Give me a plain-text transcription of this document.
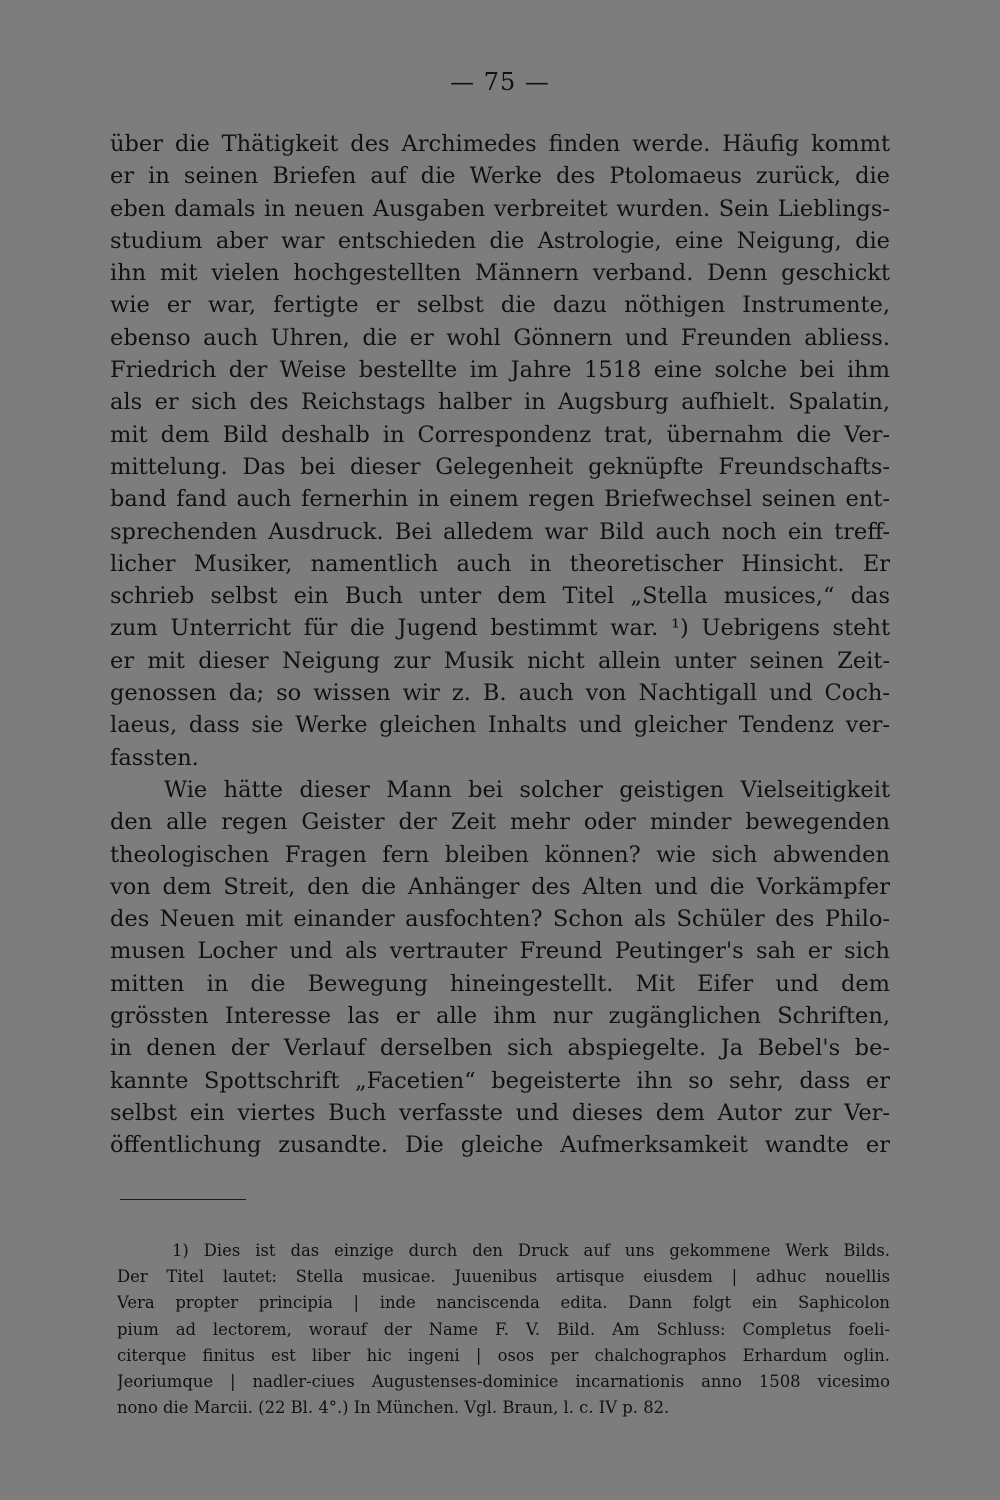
— 75 —
über die Thätigkeit des Archimedes finden werde. Häufig kommt
er in seinen Briefen auf die Werke des Ptolomaeus zurück, die
eben damals in neuen Ausgaben verbreitet wurden. Sein Lieblings-
studium aber war entschieden die Astrologie, eine Neigung, die
ihn mit vielen hochgestellten Männern verband. Denn geschickt
wie er war, fertigte er selbst die dazu nöthigen Instrumente,
ebenso auch Uhren, die er wohl Gönnern und Freunden abliess.
Friedrich der Weise bestellte im Jahre 1518 eine solche bei ihm
als er sich des Reichstags halber in Augsburg aufhielt. Spalatin,
mit dem Bild deshalb in Correspondenz trat, übernahm die Ver-
mittelung. Das bei dieser Gelegenheit geknüpfte Freundschafts-
band fand auch fernerhin in einem regen Briefwechsel seinen ent-
sprechenden Ausdruck. Bei alledem war Bild auch noch ein treff-
licher Musiker, namentlich auch in theoretischer Hinsicht. Er
schrieb selbst ein Buch unter dem Titel „Stella musices,“ das
zum Unterricht für die Jugend bestimmt war. ¹) Uebrigens steht
er mit dieser Neigung zur Musik nicht allein unter seinen Zeit-
genossen da; so wissen wir z. B. auch von Nachtigall und Coch-
laeus, dass sie Werke gleichen Inhalts und gleicher Tendenz ver-
fassten.
Wie hätte dieser Mann bei solcher geistigen Vielseitigkeit
den alle regen Geister der Zeit mehr oder minder bewegenden
theologischen Fragen fern bleiben können? wie sich abwenden
von dem Streit, den die Anhänger des Alten und die Vorkämpfer
des Neuen mit einander ausfochten? Schon als Schüler des Philo-
musen Locher und als vertrauter Freund Peutinger's sah er sich
mitten in die Bewegung hineingestellt. Mit Eifer und dem
grössten Interesse las er alle ihm nur zugänglichen Schriften,
in denen der Verlauf derselben sich abspiegelte. Ja Bebel's be-
kannte Spottschrift „Facetien“ begeisterte ihn so sehr, dass er
selbst ein viertes Buch verfasste und dieses dem Autor zur Ver-
öffentlichung zusandte. Die gleiche Aufmerksamkeit wandte er
1) Dies ist das einzige durch den Druck auf uns gekommene Werk Bilds.
Der Titel lautet: Stella musicae. Juuenibus artisque eiusdem | adhuc nouellis
Vera propter principia | inde nanciscenda edita. Dann folgt ein Saphicolon
pium ad lectorem, worauf der Name F. V. Bild. Am Schluss: Completus foeli-
citerque finitus est liber hic ingeni | osos per chalchographos Erhardum oglin.
Jeoriumque | nadler-ciues Augustenses-dominice incarnationis anno 1508 vicesimo
nono die Marcii. (22 Bl. 4°.) In München. Vgl. Braun, l. c. IV p. 82.
